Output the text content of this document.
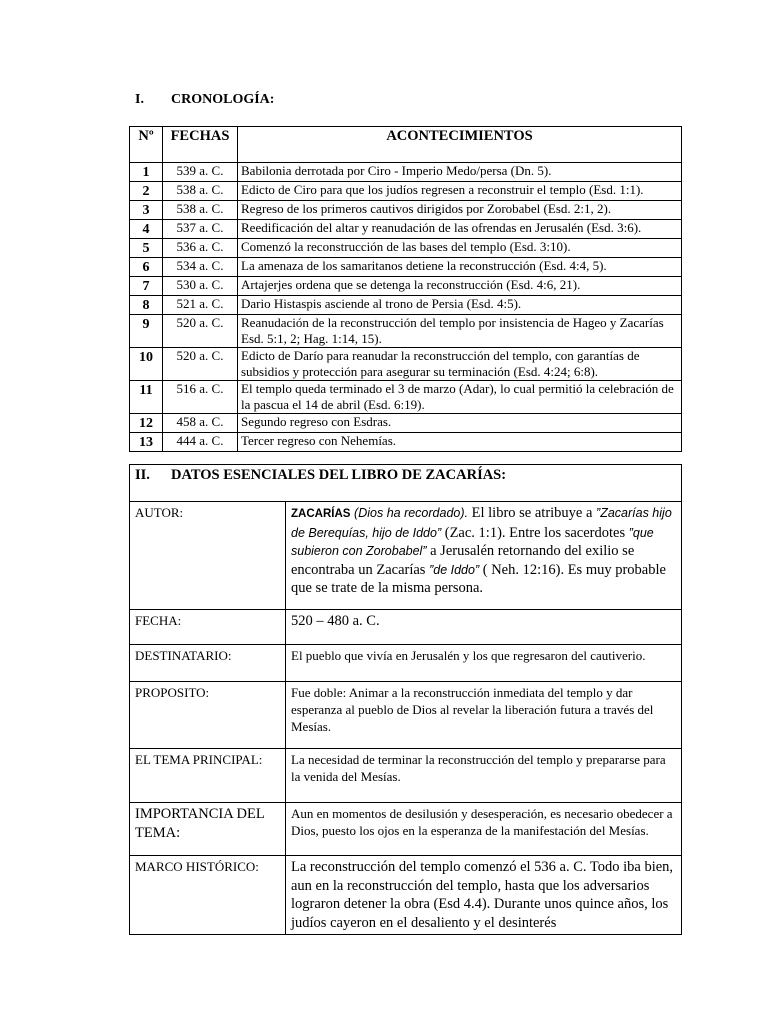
I. CRONOLOGÍA:
Nº	FECHAS	ACONTECIMIENTOS
1	539 a. C.	Babilonia derrotada por Ciro - Imperio Medo/persa (Dn. 5).
2	538 a. C.	Edicto de Ciro para que los judíos regresen a reconstruir el templo (Esd. 1:1).
3	538 a. C.	Regreso de los primeros cautivos dirigidos por Zorobabel (Esd. 2:1, 2).
4	537 a. C.	Reedificación del altar y reanudación de las ofrendas en Jerusalén (Esd. 3:6).
5	536 a. C.	Comenzó la reconstrucción de las bases del templo (Esd. 3:10).
6	534 a. C.	La amenaza de los samaritanos detiene la reconstrucción (Esd. 4:4, 5).
7	530 a. C.	Artajerjes ordena que se detenga la reconstrucción (Esd. 4:6, 21).
8	521 a. C.	Dario Histaspis asciende al trono de Persia (Esd. 4:5).
9	520 a. C.	Reanudación de la reconstrucción del templo por insistencia de Hageo y Zacarías Esd. 5:1, 2; Hag. 1:14, 15).
10	520 a. C.	Edicto de Darío para reanudar la reconstrucción del templo, con garantías de subsidios y protección para asegurar su terminación (Esd. 4:24; 6:8).
11	516 a. C.	El templo queda terminado el 3 de marzo (Adar), lo cual permitió la celebración de la pascua el 14 de abril (Esd. 6:19).
12	458 a. C.	Segundo regreso con Esdras.
13	444 a. C.	Tercer regreso con Nehemías.
II. DATOS ESENCIALES DEL LIBRO DE ZACARÍAS:	
AUTOR:	ZACARÍAS (Dios ha recordado). El libro se atribuye a ”Zacarías hijo de Berequías, hijo de Iddo” (Zac. 1:1). Entre los sacerdotes ”que subieron con Zorobabel” a Jerusalén retornando del exilio se encontraba un Zacarías ”de Iddo” ( Neh. 12:16). Es muy probable que se trate de la misma persona.
FECHA:	520 – 480 a. C.
DESTINATARIO:	El pueblo que vivía en Jerusalén y los que regresaron del cautiverio.
PROPOSITO:	Fue doble: Animar a la reconstrucción inmediata del templo y dar esperanza al pueblo de Dios al revelar la liberación futura a través del Mesías.
EL TEMA PRINCIPAL:	La necesidad de terminar la reconstrucción del templo y prepararse para la venida del Mesías.
IMPORTANCIA DEL TEMA:	Aun en momentos de desilusión y desesperación, es necesario obedecer a Dios, puesto los ojos en la esperanza de la manifestación del Mesías.
MARCO HISTÓRICO:	La reconstrucción del templo comenzó el 536 a. C. Todo iba bien, aun en la reconstrucción del templo, hasta que los adversarios lograron detener la obra (Esd 4.4). Durante unos quince años, los judíos cayeron en el desaliento y el desinterés
